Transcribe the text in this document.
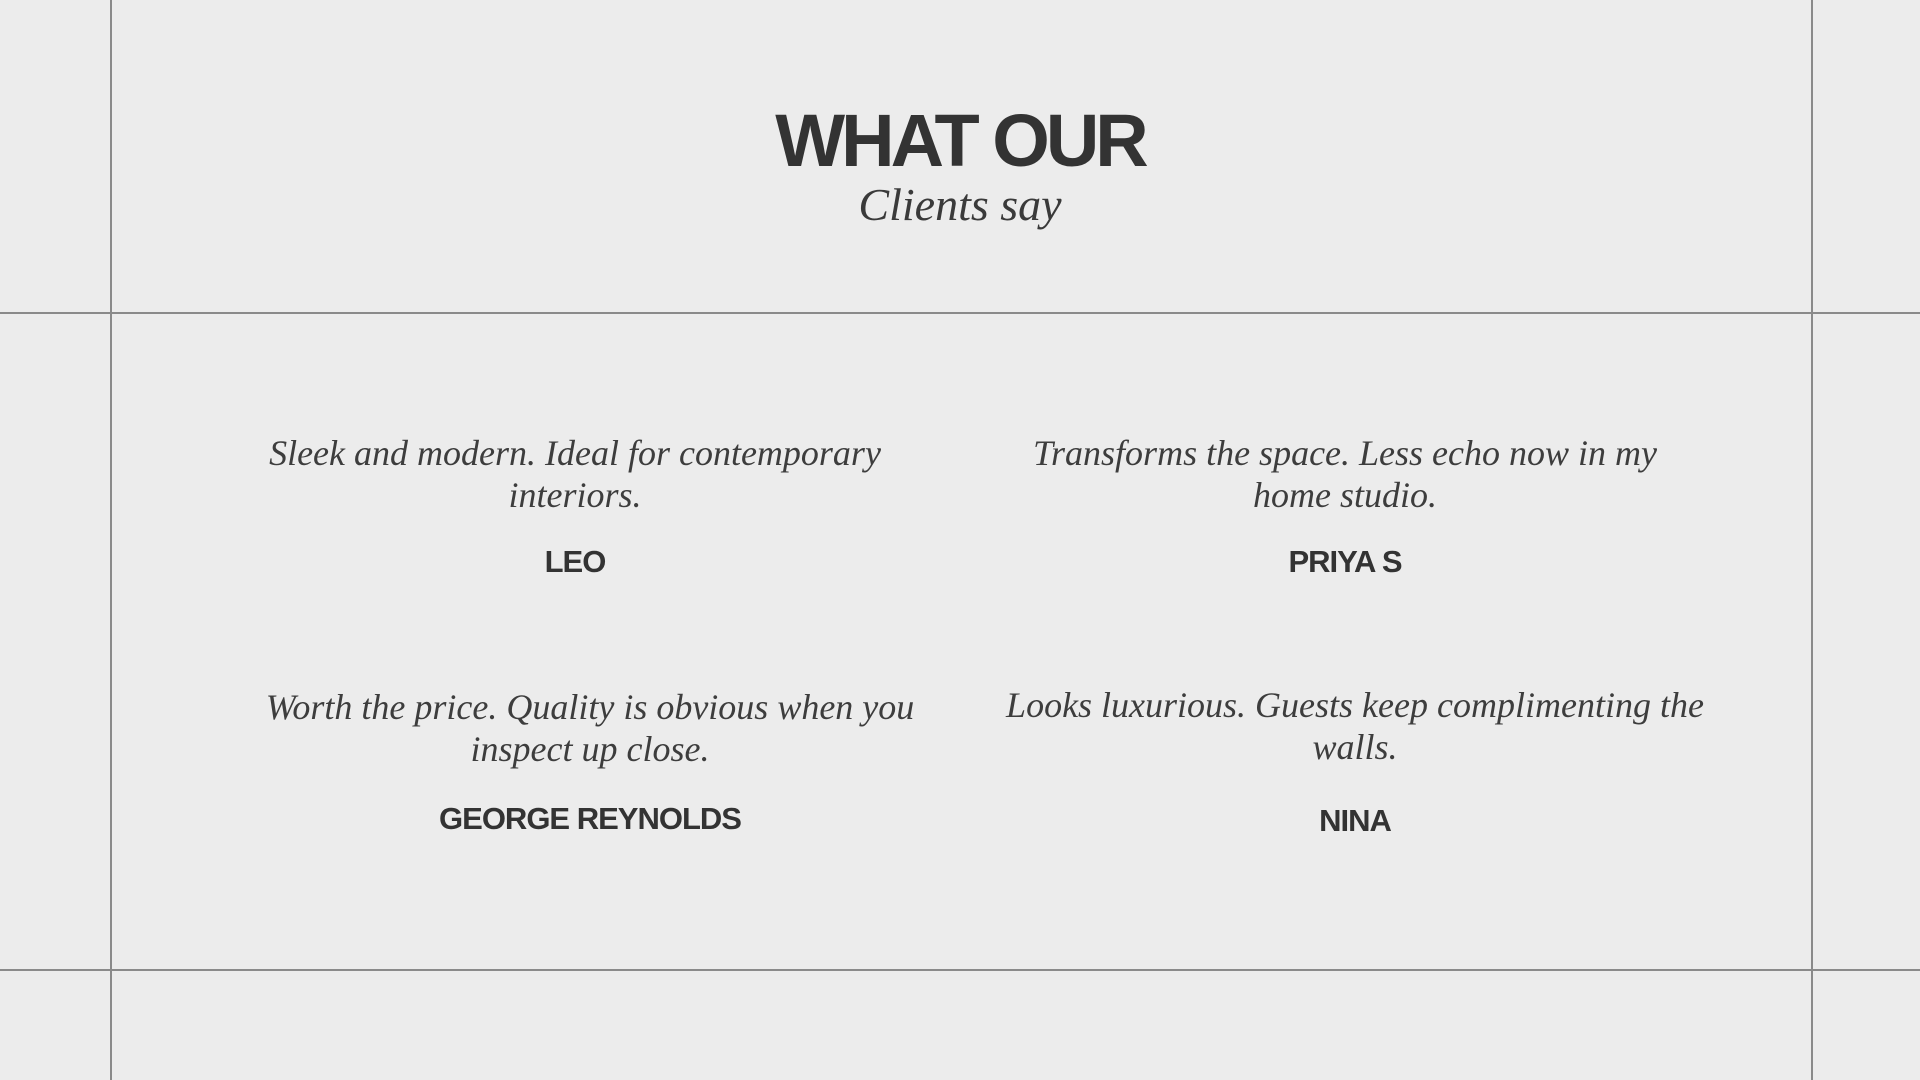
WHAT OUR
Clients say

Sleek and modern. Ideal for contemporary interiors.

LEO

Transforms the space. Less echo now in my home studio.

PRIYA S

Worth the price. Quality is obvious when you inspect up close.

GEORGE REYNOLDS

Looks luxurious. Guests keep complimenting the walls.

NINA
